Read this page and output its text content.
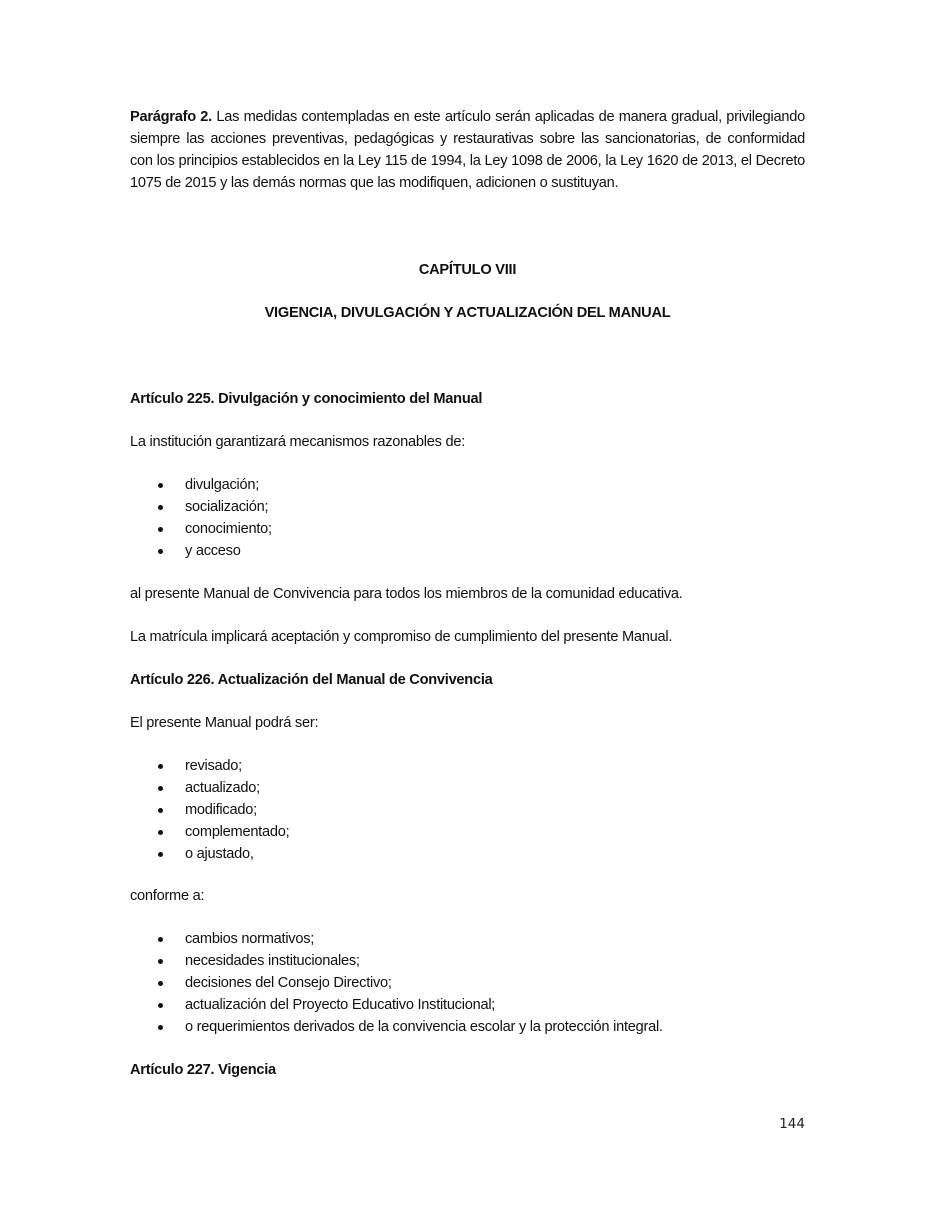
Parágrafo 2. Las medidas contempladas en este artículo serán aplicadas de manera gradual, privilegiando siempre las acciones preventivas, pedagógicas y restaurativas sobre las sancionatorias, de conformidad con los principios establecidos en la Ley 115 de 1994, la Ley 1098 de 2006, la Ley 1620 de 2013, el Decreto 1075 de 2015 y las demás normas que las modifiquen, adicionen o sustituyan.

CAPÍTULO VIII
VIGENCIA, DIVULGACIÓN Y ACTUALIZACIÓN DEL MANUAL
Artículo 225. Divulgación y conocimiento del Manual
La institución garantizará mecanismos razonables de:
divulgación;
socialización;
conocimiento;
y acceso
al presente Manual de Convivencia para todos los miembros de la comunidad educativa.
La matrícula implicará aceptación y compromiso de cumplimiento del presente Manual.
Artículo 226. Actualización del Manual de Convivencia
El presente Manual podrá ser:
revisado;
actualizado;
modificado;
complementado;
o ajustado,
conforme a:
cambios normativos;
necesidades institucionales;
decisiones del Consejo Directivo;
actualización del Proyecto Educativo Institucional;
o requerimientos derivados de la convivencia escolar y la protección integral.
Artículo 227. Vigencia
144
